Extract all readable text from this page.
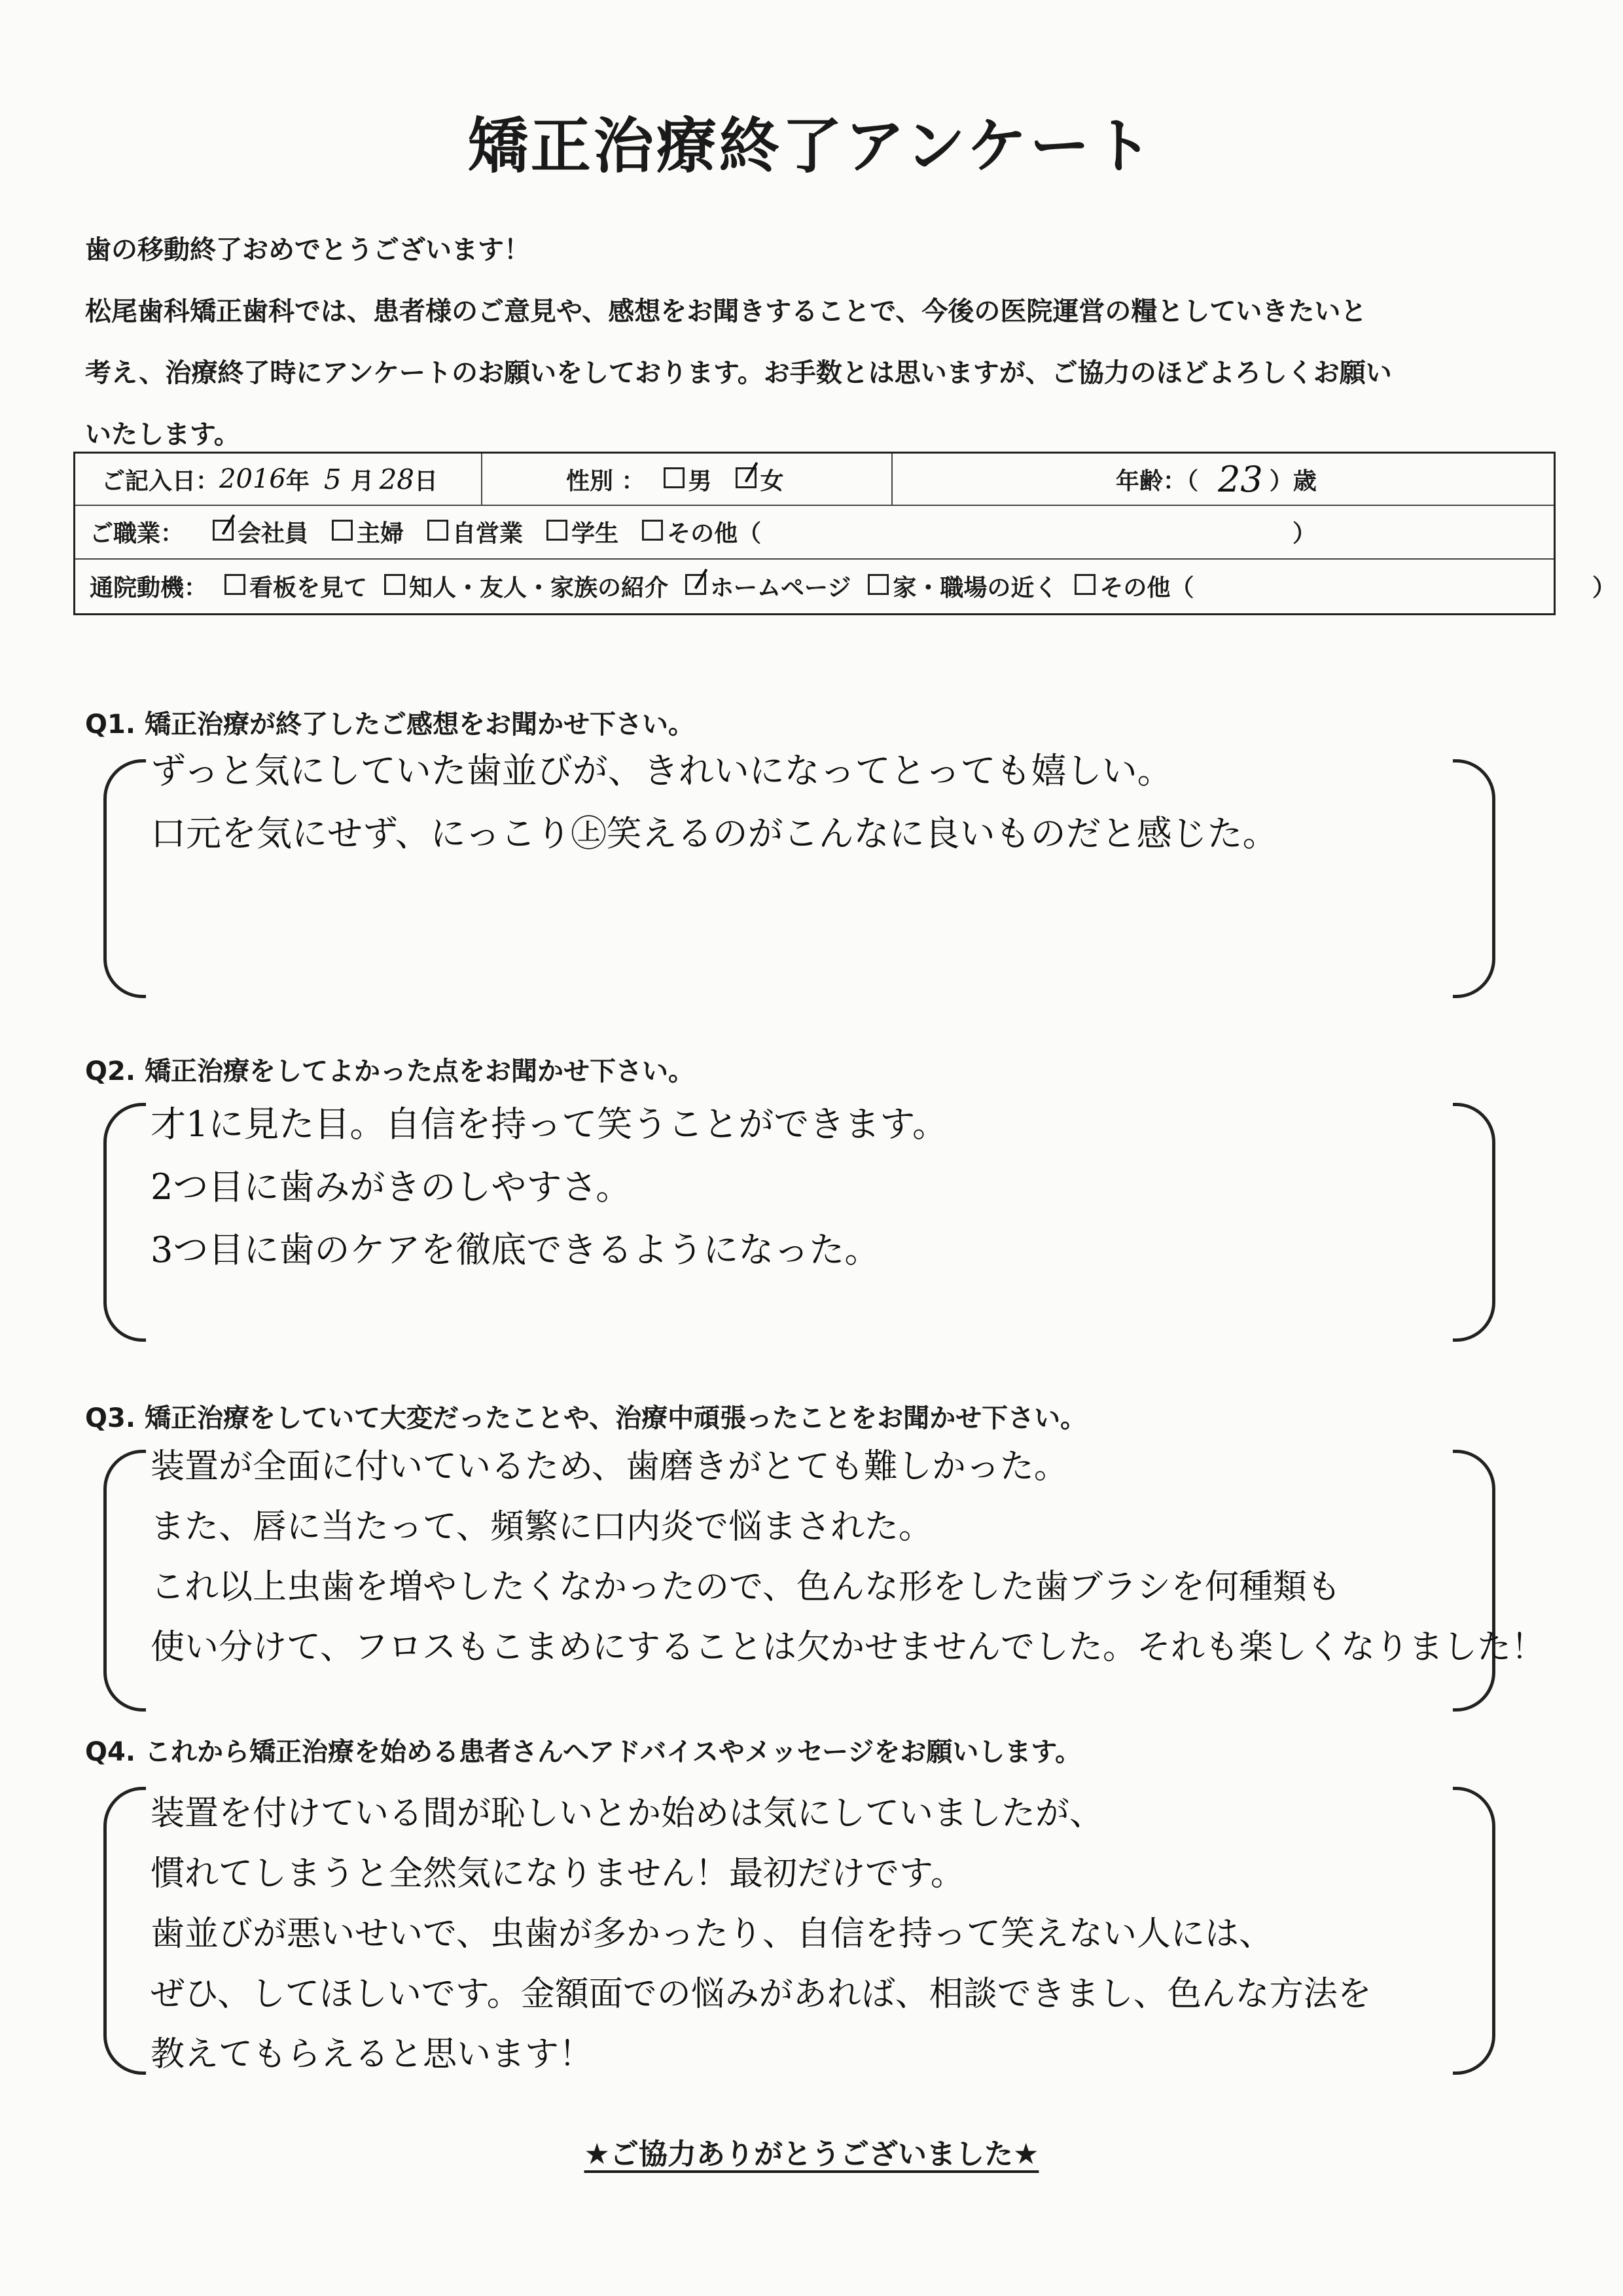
矯正治療終了アンケート

歯の移動終了おめでとうございます！

松尾歯科矯正歯科では、患者様のご意見や、感想をお聞きすることで、今後の医院運営の糧としていきたいと

考え、治療終了時にアンケートのお願いをしております。お手数とは思いますが、ご協力のほどよろしくお願い

いたします。

ご記入日： 2016 年 5 月 28 日	性別 ： 男 女	年齢：（ 23 ）歳
ご職業： 会社員 主婦 自営業 学生 その他（	）
通院動機： 看板を見て 知人・友人・家族の紹介 ホームページ 家・職場の近く その他（	）
Q1. 矯正治療が終了したご感想をお聞かせ下さい。

ずっと気にしていた歯並びが、きれいになってとっても嬉しい。

口元を気にせず、にっこり㊤笑えるのがこんなに良いものだと感じた。

Q2. 矯正治療をしてよかった点をお聞かせ下さい。

才1に見た目。自信を持って笑うことができます。

2つ目に歯みがきのしやすさ。

3つ目に歯のケアを徹底できるようになった。

Q3. 矯正治療をしていて大変だったことや、治療中頑張ったことをお聞かせ下さい。

装置が全面に付いているため、歯磨きがとても難しかった。

また、唇に当たって、頻繁に口内炎で悩まされた。

これ以上虫歯を増やしたくなかったので、色んな形をした歯ブラシを何種類も

使い分けて、フロスもこまめにすることは欠かせませんでした。それも楽しくなりました！

Q4. これから矯正治療を始める患者さんへアドバイスやメッセージをお願いします。

装置を付けている間が恥しいとか始めは気にしていましたが、

慣れてしまうと全然気になりません！最初だけです。

歯並びが悪いせいで、虫歯が多かったり、自信を持って笑えない人には、

ぜひ、してほしいです。金額面での悩みがあれば、相談できまし、色んな方法を

教えてもらえると思います！

★ご協力ありがとうございました★
